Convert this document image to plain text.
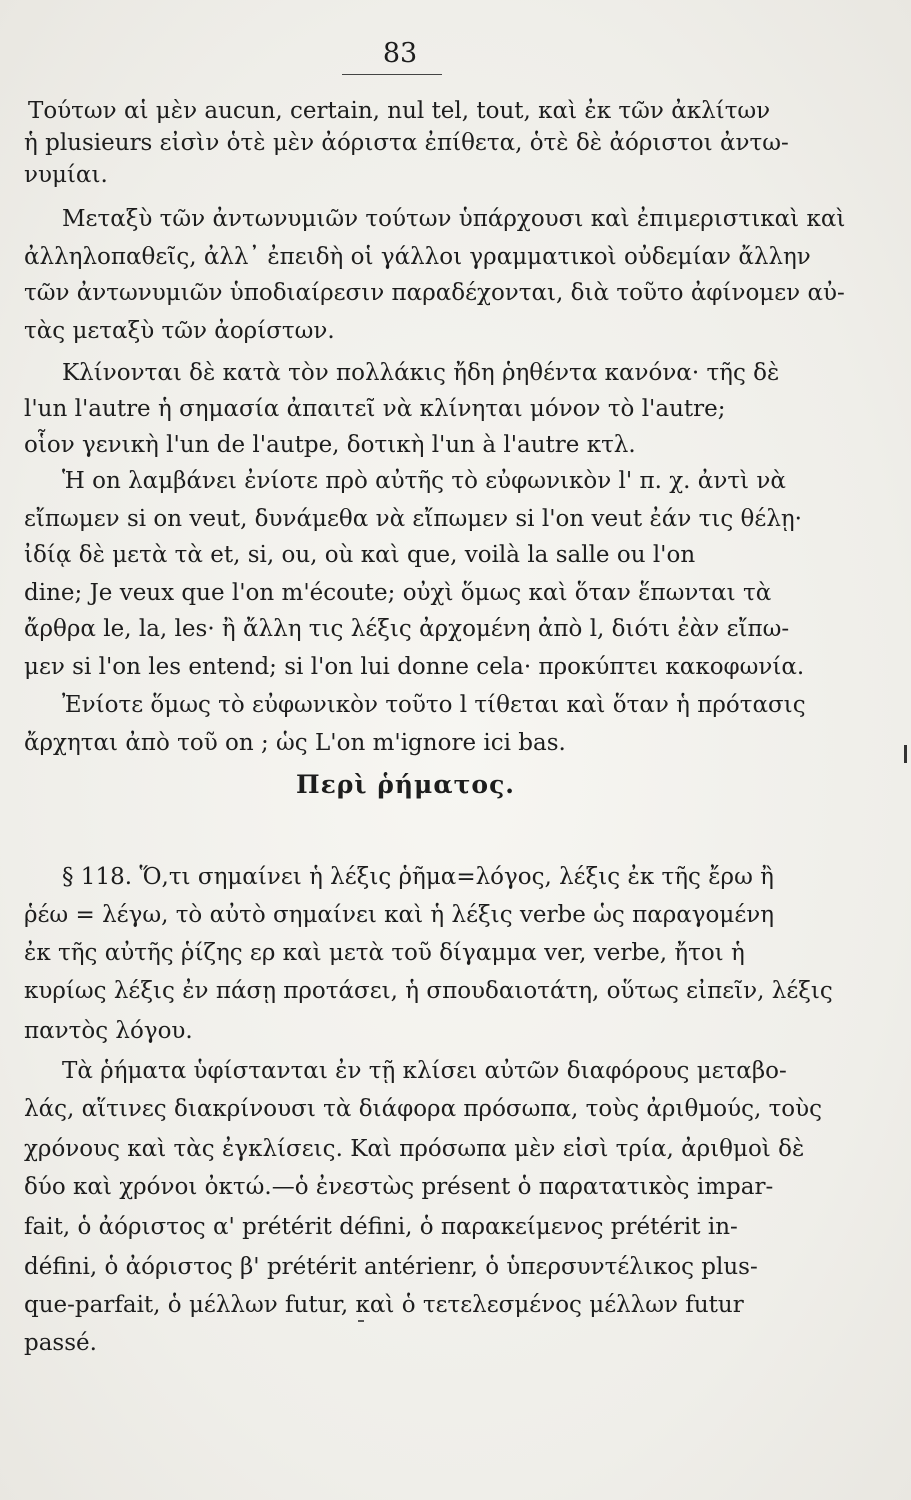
83
Τούτων αἱ μὲν aucun, certain, nul tel, tout, καὶ ἐκ τῶν ἀκλίτων
ἡ plusieurs εἰσὶν ὁτὲ μὲν ἀόριστα ἐπίθετα, ὁτὲ δὲ ἀόριστοι ἀντω-
νυμίαι.
Μεταξὺ τῶν ἀντωνυμιῶν τούτων ὑπάρχουσι καὶ ἐπιμεριστικαὶ καὶ
ἀλληλοπαθεῖς, ἀλλ᾽ ἐπειδὴ οἱ γάλλοι γραμματικοὶ οὐδεμίαν ἄλλην
τῶν ἀντωνυμιῶν ὑποδιαίρεσιν παραδέχονται, διὰ τοῦτο ἀφίνομεν αὐ-
τὰς μεταξὺ τῶν ἀορίστων.
Κλίνονται δὲ κατὰ τὸν πολλάκις ἤδη ῥηθέντα κανόνα· τῆς δὲ
l'un l'autre ἡ σημασία ἀπαιτεῖ νὰ κλίνηται μόνον τὸ l'autre;
οἷον γενικὴ l'un de l'autpe, δοτικὴ l'un à l'autre κτλ.
Ἡ on λαμβάνει ἐνίοτε πρὸ αὐτῆς τὸ εὐφωνικὸν l' π. χ. ἀντὶ νὰ
εἴπωμεν si on veut, δυνάμεθα νὰ εἴπωμεν si l'on veut ἐάν τις θέλῃ·
ἰδίᾳ δὲ μετὰ τὰ et, si, ou, où καὶ que, voilà la salle ou l'on
dine; Je veux que l'on m'écoute; οὐχὶ ὅμως καὶ ὅταν ἕπωνται τὰ
ἄρθρα le, la, les· ἢ ἄλλη τις λέξις ἀρχομένη ἀπὸ l, διότι ἐὰν εἴπω-
μεν si l'on les entend; si l'on lui donne cela· προκύπτει κακοφωνία.
Ἐνίοτε ὅμως τὸ εὐφωνικὸν τοῦτο l τίθεται καὶ ὅταν ἡ πρότασις
ἄρχηται ἀπὸ τοῦ on ; ὡς L'on m'ignore ici bas.
Περὶ ῥήματος.
§ 118. Ὅ,τι σημαίνει ἡ λέξις ῥῆμα=λόγος, λέξις ἐκ τῆς ἔρω ἢ
ῥέω = λέγω, τὸ αὐτὸ σημαίνει καὶ ἡ λέξις verbe ὡς παραγομένη
ἐκ τῆς αὐτῆς ῥίζης ερ καὶ μετὰ τοῦ δίγαμμα ver, verbe, ἤτοι ἡ
κυρίως λέξις ἐν πάσῃ προτάσει, ἡ σπουδαιοτάτη, οὕτως εἰπεῖν, λέξις
παντὸς λόγου.
Τὰ ῥήματα ὑφίστανται ἐν τῇ κλίσει αὐτῶν διαφόρους μεταβο-
λάς, αἵτινες διακρίνουσι τὰ διάφορα πρόσωπα, τοὺς ἀριθμούς, τοὺς
χρόνους καὶ τὰς ἐγκλίσεις. Καὶ πρόσωπα μὲν εἰσὶ τρία, ἀριθμοὶ δὲ
δύο καὶ χρόνοι ὀκτώ.—ὁ ἐνεστὼς présent ὁ παρατατικὸς impar-
fait, ὁ ἀόριστος α' prétérit défini, ὁ παρακείμενος prétérit in-
défini, ὁ ἀόριστος β' prétérit antérienr, ὁ ὑπερσυντέλικος plus-
que-parfait, ὁ μέλλων futur, καὶ ὁ τετελεσμένος μέλλων futur
passé.
